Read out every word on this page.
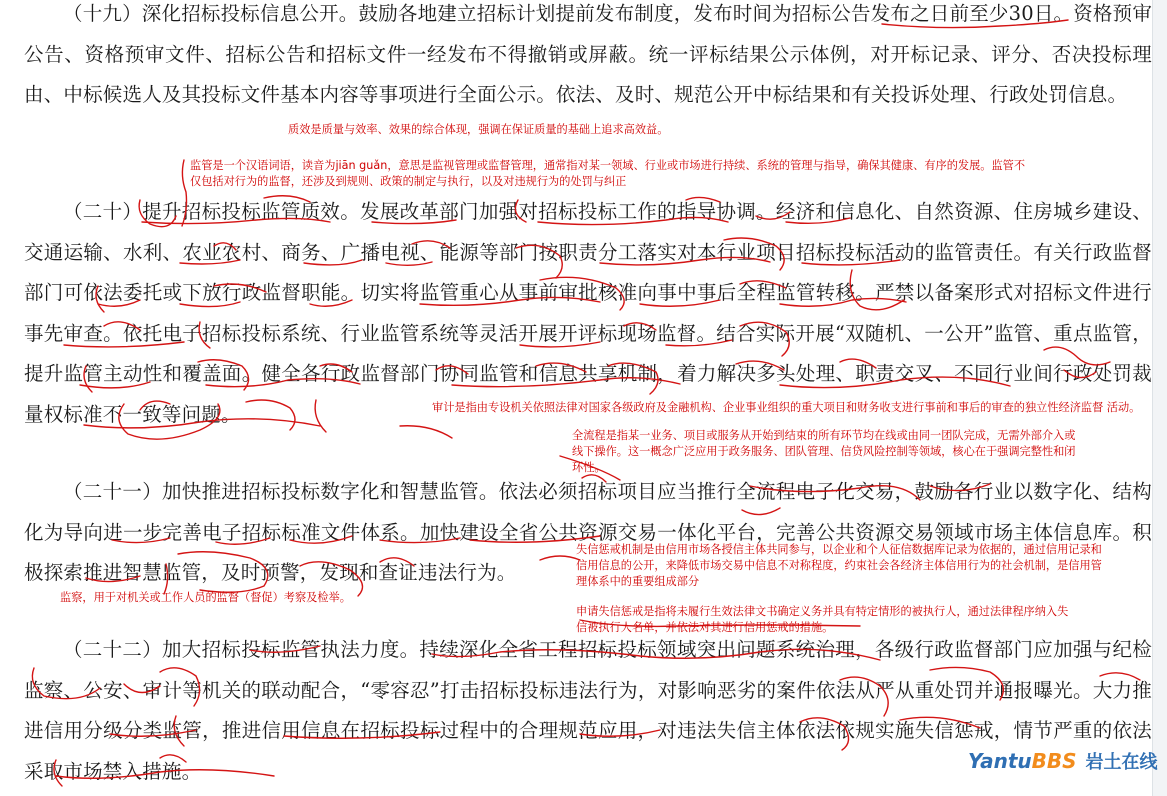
（十九）深化招标投标信息公开。鼓励各地建立招标计划提前发布制度，发布时间为招标公告发布之日前至少30日。资格预审公告、资格预审文件、招标公告和招标文件一经发布不得撤销或屏蔽。统一评标结果公示体例，对开标记录、评分、否决投标理由、中标候选人及其投标文件基本内容等事项进行全面公示。依法、及时、规范公开中标结果和有关投诉处理、行政处罚信息。

（二十）提升招标投标监管质效。发展改革部门加强对招标投标工作的指导协调。经济和信息化、自然资源、住房城乡建设、交通运输、水利、农业农村、商务、广播电视、能源等部门按职责分工落实对本行业项目招标投标活动的监管责任。有关行政监督部门可依法委托或下放行政监督职能。切实将监管重心从事前审批核准向事中事后全程监管转移。严禁以备案形式对招标文件进行事先审查。依托电子招标投标系统、行业监管系统等灵活开展开评标现场监督。结合实际开展“双随机、一公开”监管、重点监管，提升监管主动性和覆盖面。健全各行政监督部门协同监管和信息共享机制，着力解决多头处理、职责交叉、不同行业间行政处罚裁量权标准不一致等问题。

（二十一）加快推进招标投标数字化和智慧监管。依法必须招标项目应当推行全流程电子化交易，鼓励各行业以数字化、结构化为导向进一步完善电子招标标准文件体系。加快建设全省公共资源交易一体化平台，完善公共资源交易领域市场主体信息库。积极探索推进智慧监管，及时预警，发现和查证违法行为。

（二十二）加大招标投标监管执法力度。持续深化全省工程招标投标领域突出问题系统治理，各级行政监督部门应加强与纪检监察、公安、审计等机关的联动配合，“零容忍”打击招标投标违法行为，对影响恶劣的案件依法从严从重处罚并通报曝光。大力推进信用分级分类监管，推进信用信息在招标投标过程中的合理规范应用，对违法失信主体依法依规实施失信惩戒，情节严重的依法采取市场禁入措施。

质效是质量与效率、效果的综合体现，强调在保证质量的基础上追求高效益。

监管是一个汉语词语，读音为jiān guǎn，意思是监视管理或监督管理，通常指对某一领域、行业或市场进行持续、系统的管理与指导，确保其健康、有序的发展。监管不仅包括对行为的监督，还涉及到规则、政策的制定与执行，以及对违规行为的处罚与纠正

审计是指由专设机关依照法律对国家各级政府及金融机构、企业事业组织的重大项目和财务收支进行事前和事后的审查的独立性经济监督 活动。

全流程是指某一业务、项目或服务从开始到结束的所有环节均在线或由同一团队完成，无需外部介入或线下操作。这一概念广泛应用于政务服务、团队管理、信贷风险控制等领域，核心在于强调完整性和闭环性。

监察，用于对机关或工作人员的监督（督促）考察及检举。

失信惩戒机制是由信用市场各授信主体共同参与，以企业和个人征信数据库记录为依据的，通过信用记录和信用信息的公开，来降低市场交易中信息不对称程度，约束社会各经济主体信用行为的社会机制，是信用管理体系中的重要组成部分

申请失信惩戒是指将未履行生效法律文书确定义务并具有特定情形的被执行人，通过法律程序纳入失信被执行人名单，并依法对其进行信用惩戒的措施。

YantuBBS 岩土在线
